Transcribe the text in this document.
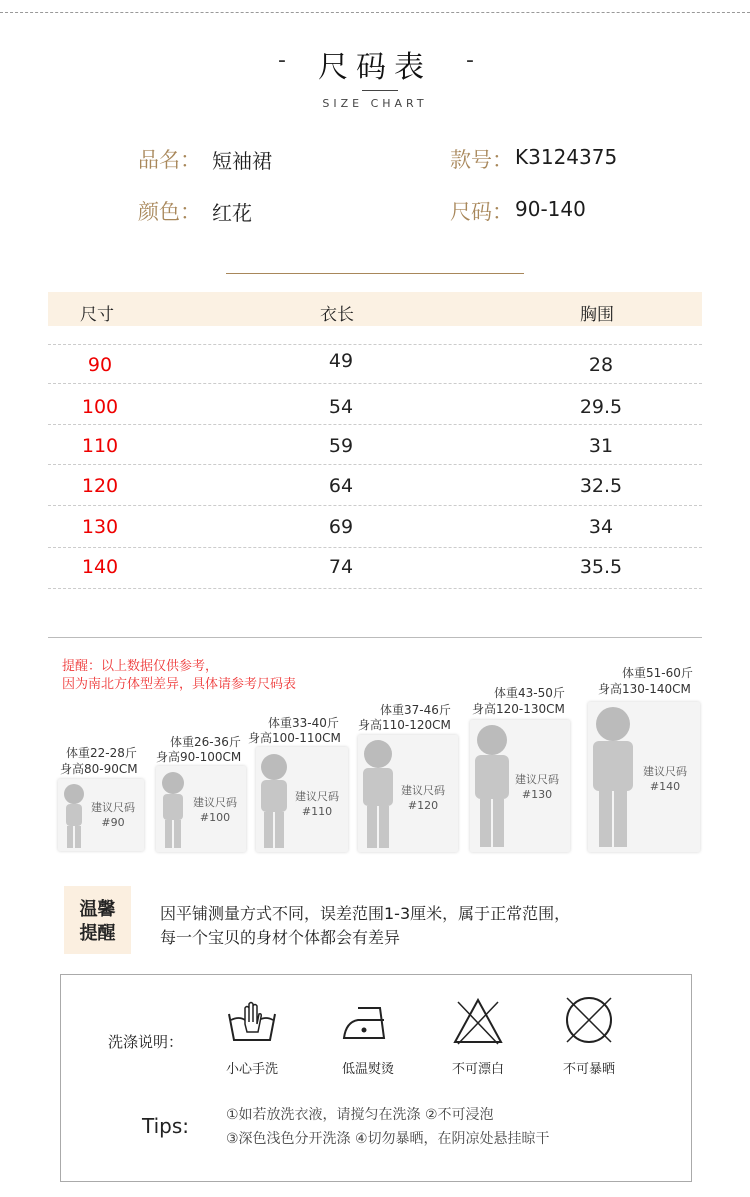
-	尺码表	-
SIZE CHART
品名： 短袖裙	款号： K3124375
颜色： 红花	尺码： 90-140
尺寸	衣长	胸围
90	49	28
100	54	29.5
110	59	31
120	64	32.5
130	69	34
140	74	35.5
提醒：以上数据仅供参考，
因为南北方体型差异，具体请参考尺码表
体重22-28斤
身高80-90CM
建议尺码
#90
体重26-36斤
身高90-100CM
建议尺码
#100
体重33-40斤
身高100-110CM
建议尺码
#110
体重37-46斤
身高110-120CM
建议尺码
#120
体重43-50斤
身高120-130CM
建议尺码
#130
体重51-60斤
身高130-140CM
建议尺码
#140
温馨
提醒
因平铺测量方式不同，误差范围1-3厘米，属于正常范围，
每一个宝贝的身材个体都会有差异
洗涤说明：
小心手洗	低温熨烫	不可漂白	不可暴晒
Tips:	①如若放洗衣液，请搅匀在洗涤 ②不可浸泡
③深色浅色分开洗涤 ④切勿暴晒，在阴凉处悬挂晾干
